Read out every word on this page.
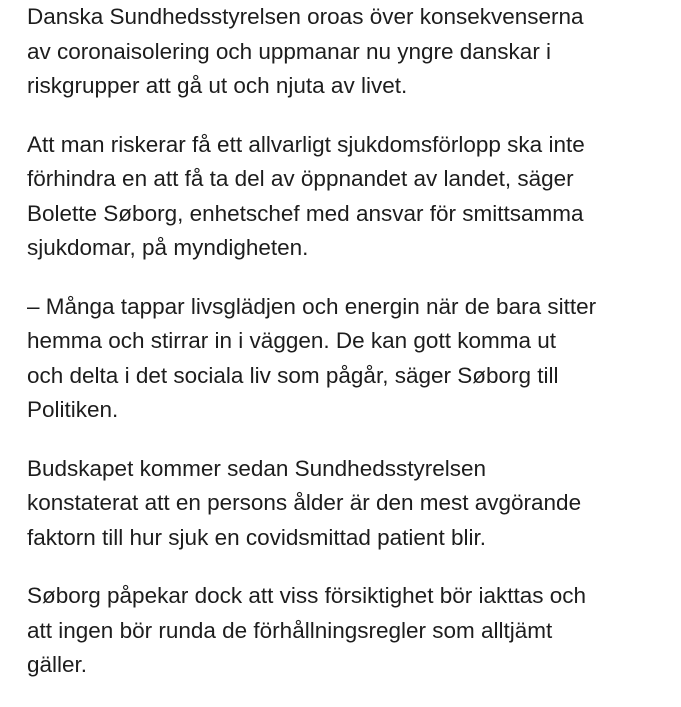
Danska Sundhedsstyrelsen oroas över konsekvenserna
av coronaisolering och uppmanar nu yngre danskar i
riskgrupper att gå ut och njuta av livet.

Att man riskerar få ett allvarligt sjukdomsförlopp ska inte
förhindra en att få ta del av öppnandet av landet, säger
Bolette Søborg, enhetschef med ansvar för smittsamma
sjukdomar, på myndigheten.

– Många tappar livsglädjen och energin när de bara sitter
hemma och stirrar in i väggen. De kan gott komma ut
och delta i det sociala liv som pågår, säger Søborg till
Politiken.

Budskapet kommer sedan Sundhedsstyrelsen
konstaterat att en persons ålder är den mest avgörande
faktorn till hur sjuk en covidsmittad patient blir.

Søborg påpekar dock att viss försiktighet bör iakttas och
att ingen bör runda de förhållningsregler som alltjämt
gäller.
